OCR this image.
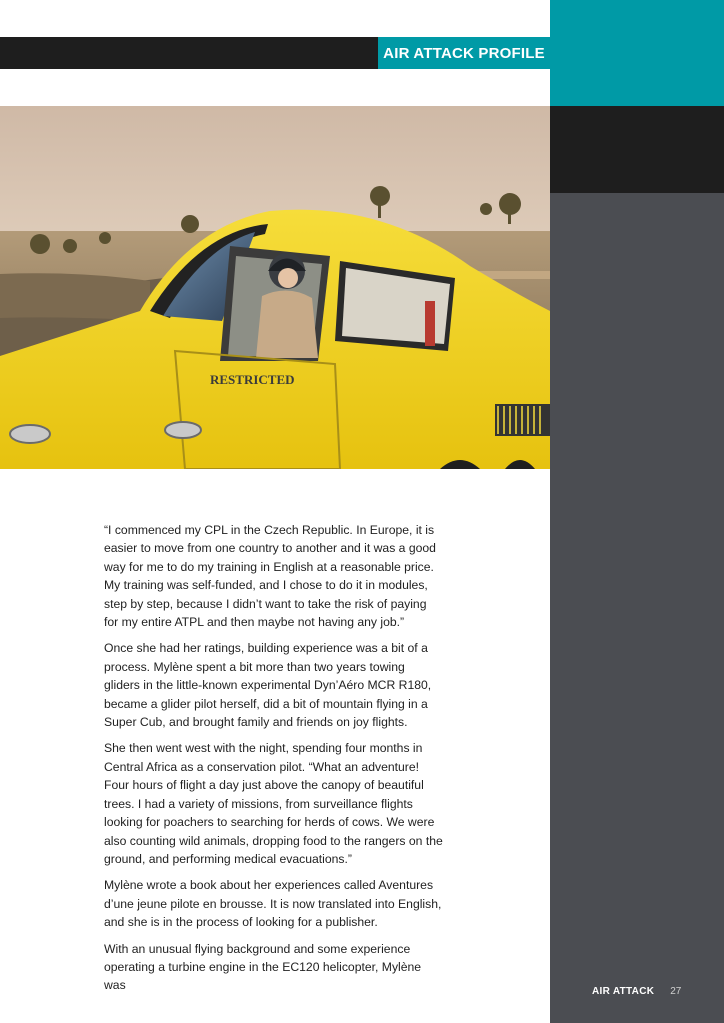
AIR ATTACK PROFILE
RESTRICTED

“I commenced my CPL in the Czech Republic. In Europe, it is easier to move from one country to another and it was a good way for me to do my training in English at a reasonable price. My training was self-funded, and I chose to do it in modules, step by step, because I didn’t want to take the risk of paying for my entire ATPL and then maybe not having any job.”

Once she had her ratings, building experience was a bit of a process. Mylène spent a bit more than two years towing gliders in the little-known experimental Dyn’Aéro MCR R180, became a glider pilot herself, did a bit of mountain flying in a Super Cub, and brought family and friends on joy flights.

She then went west with the night, spending four months in Central Africa as a conservation pilot. “What an adventure! Four hours of flight a day just above the canopy of beautiful trees. I had a variety of missions, from surveillance flights looking for poachers to searching for herds of cows. We were also counting wild animals, dropping food to the rangers on the ground, and performing medical evacuations.”

Mylène wrote a book about her experiences called Aventures d’une jeune pilote en brousse. It is now translated into English, and she is in the process of looking for a publisher.

With an unusual flying background and some experience operating a turbine engine in the EC120 helicopter, Mylène was	AIR ATTACK 27
